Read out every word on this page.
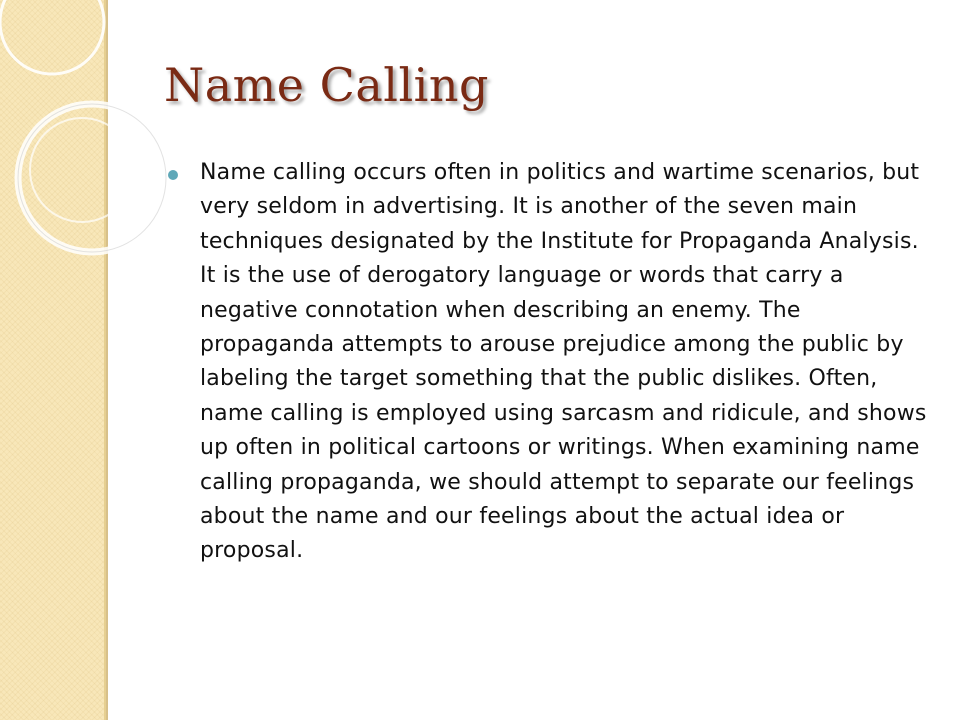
Name Calling

Name calling occurs often in politics and wartime scenarios, but very seldom in advertising. It is another of the seven main techniques designated by the Institute for Propaganda Analysis. It is the use of derogatory language or words that carry a negative connotation when describing an enemy. The propaganda attempts to arouse prejudice among the public by labeling the target something that the public dislikes. Often, name calling is employed using sarcasm and ridicule, and shows up often in political cartoons or writings. When examining name calling propaganda, we should attempt to separate our feelings about the name and our feelings about the actual idea or proposal.
